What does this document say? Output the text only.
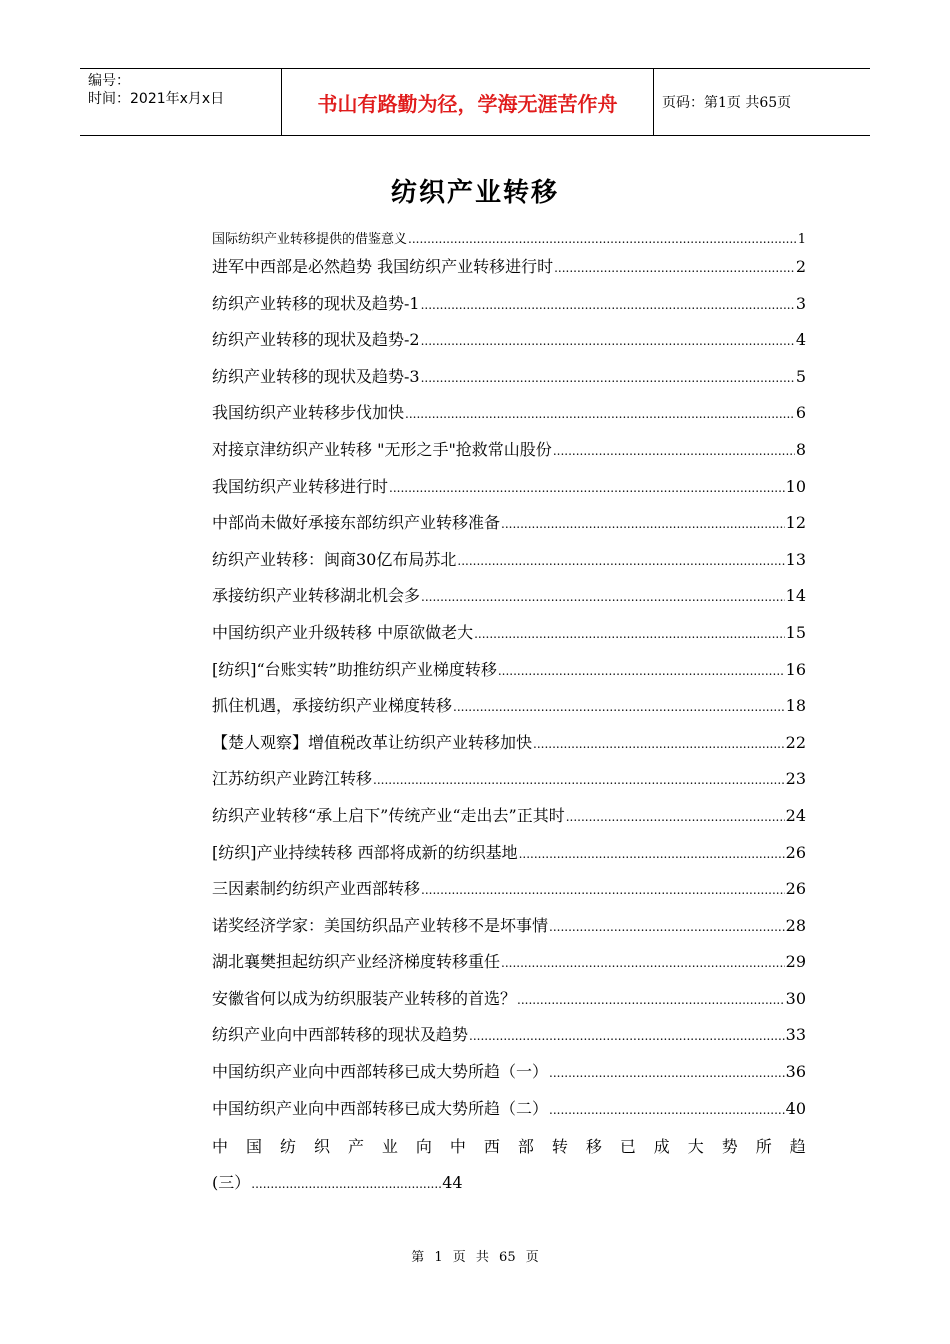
编号：
时间：2021年x月x日	书山有路勤为径，学海无涯苦作舟	页码：第1页 共65页
纺织产业转移
国际纺织产业转移提供的借鉴意义 .....	1
进军中西部是必然趋势 我国纺织产业转移进行时 .....	2
纺织产业转移的现状及趋势-1 .....	3
纺织产业转移的现状及趋势-2 .....	4
纺织产业转移的现状及趋势-3 .....	5
我国纺织产业转移步伐加快 .....	6
对接京津纺织产业转移 "无形之手"抢救常山股份 .....	8
我国纺织产业转移进行时 .....	10
中部尚未做好承接东部纺织产业转移准备 .....	12
纺织产业转移：闽商30亿布局苏北 .....	13
承接纺织产业转移湖北机会多 .....	14
中国纺织产业升级转移 中原欲做老大 .....	15
[纺织]“台账实转”助推纺织产业梯度转移 .....	16
抓住机遇，承接纺织产业梯度转移 .....	18
【楚人观察】增值税改革让纺织产业转移加快 .....	22
江苏纺织产业跨江转移 .....	23
纺织产业转移“承上启下”传统产业“走出去”正其时 .....	24
[纺织]产业持续转移 西部将成新的纺织基地 .....	26
三因素制约纺织产业西部转移 .....	26
诺奖经济学家：美国纺织品产业转移不是坏事情 .....	28
湖北襄樊担起纺织产业经济梯度转移重任 .....	29
安徽省何以成为纺织服装产业转移的首选？ .....	30
纺织产业向中西部转移的现状及趋势 .....	33
中国纺织产业向中西部转移已成大势所趋（一） .....	36
中国纺织产业向中西部转移已成大势所趋（二） .....	40
中 国 纺 织 产 业 向 中 西 部 转 移 已 成 大 势 所 趋
(三） .....	44
第 1 页 共 65 页
